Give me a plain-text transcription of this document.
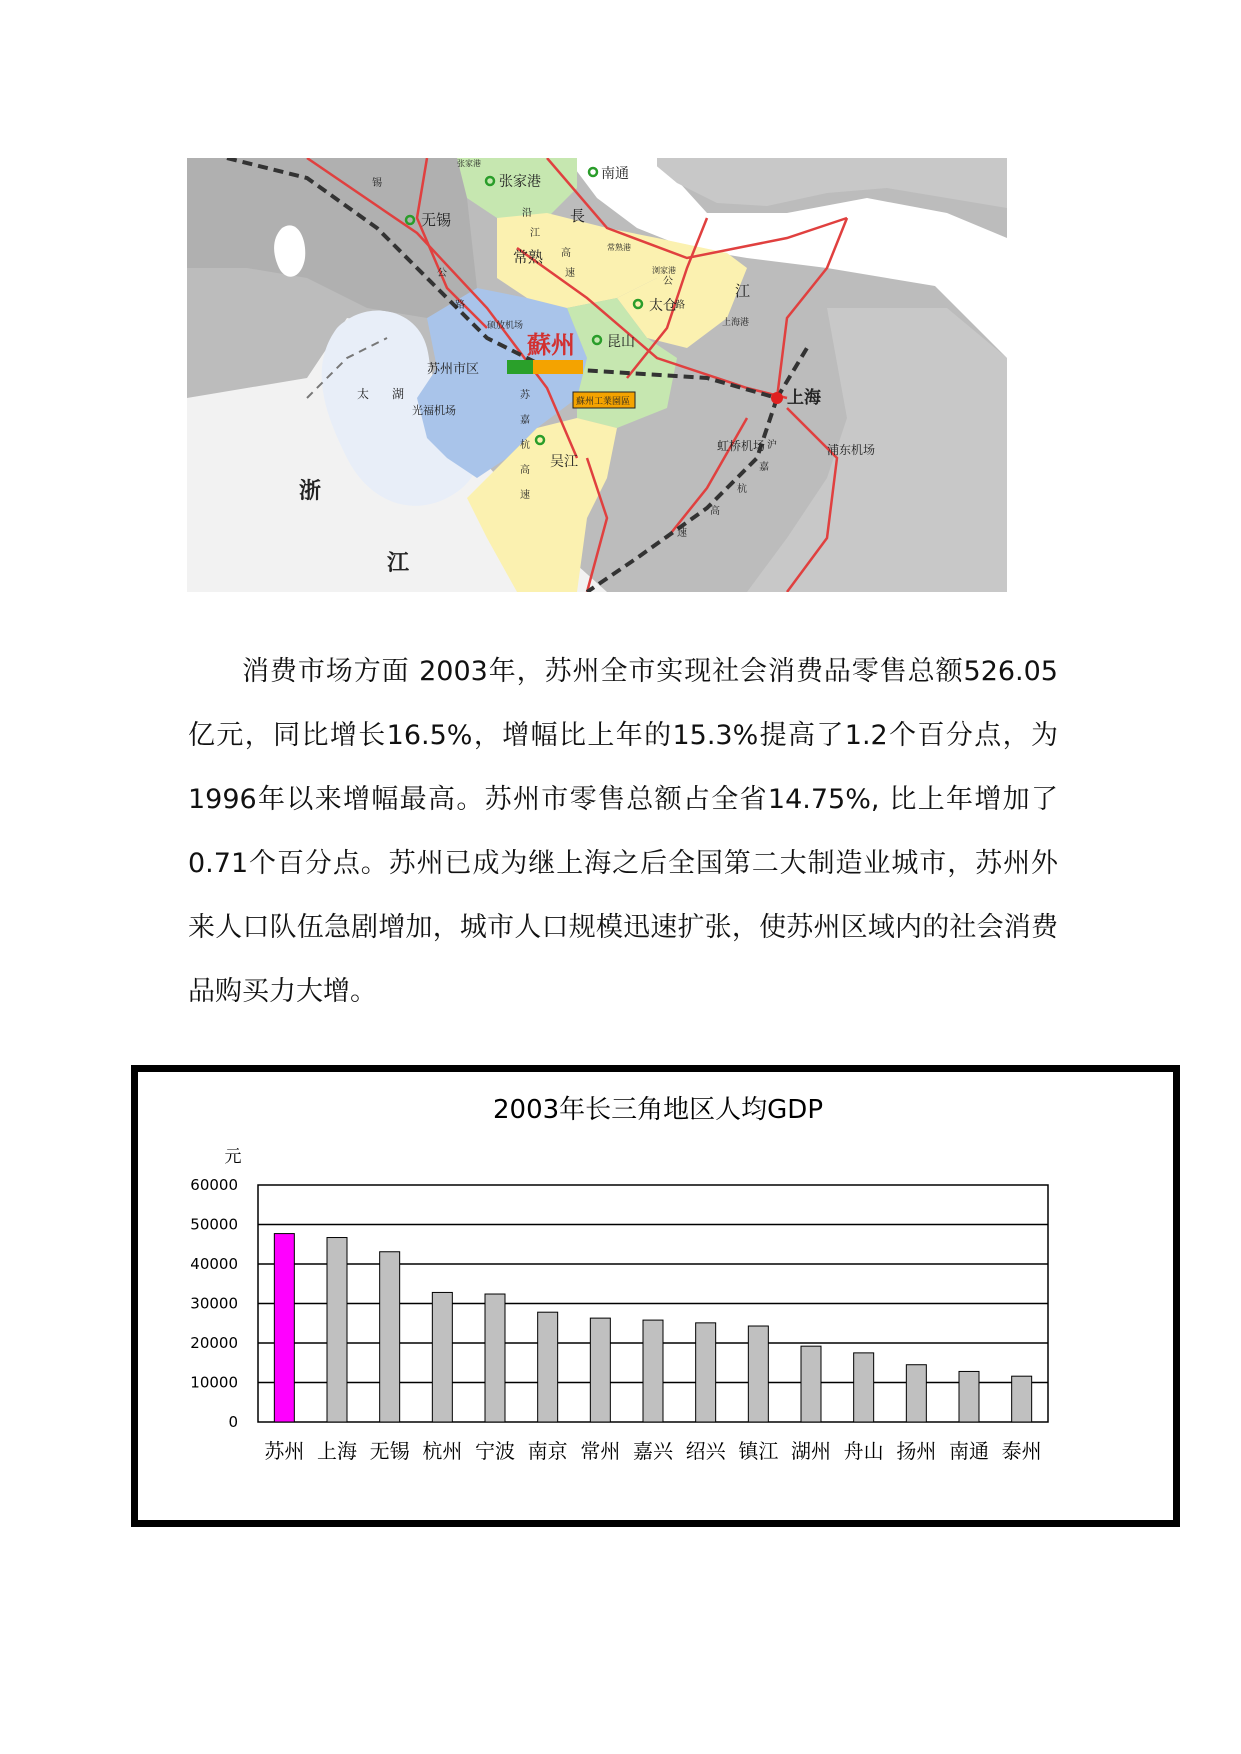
蘇州工業園區
南通
张家港
张家港
无锡
常熟
太仓
蘇州 昆山
苏州市区
太 湖
光福机场
上海
虹桥机场	浦东机场
吴江
浙
江
長
江
硕放机场
常熟港
浏家港
上海港
沿
江
高
速
锡
公
路
苏
嘉
杭
高
速
沪
嘉
杭
高
速
公
路

消费市场方面 2003年，苏州全市实现社会消费品零售总额526.05亿元，同比增长16.5%，增幅比上年的15.3%提高了1.2个百分点，为1996年以来增幅最高。苏州市零售总额占全省14.75%, 比上年增加了0.71个百分点。苏州已成为继上海之后全国第二大制造业城市，苏州外来人口队伍急剧增加，城市人口规模迅速扩张，使苏州区域内的社会消费品购买力大增。

2003年长三角地区人均GDP
元
60000
50000
40000
30000
20000
10000
0
苏州 上海 无锡 杭州 宁波 南京 常州 嘉兴 绍兴 镇江 湖州 舟山 扬州 南通 泰州
